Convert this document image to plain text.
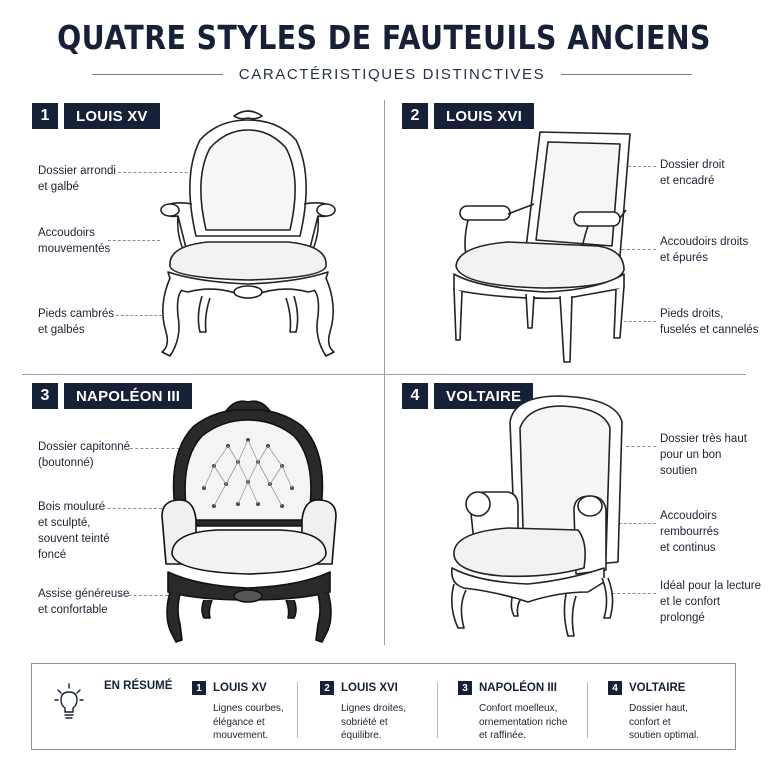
QUATRE STYLES DE FAUTEUILS ANCIENS
CARACTÉRISTIQUES DISTINCTIVES
1	LOUIS XV
Dossier arrondi
et galbé
Accoudoirs
mouvementés
Pieds cambrés
et galbés
2	LOUIS XVI
Dossier droit
et encadré
Accoudoirs droits
et épurés
Pieds droits,
fuselés et cannelés
3	NAPOLÉON III
Dossier capitonné
(boutonné)
Bois mouluré
et sculpté,
souvent teinté
foncé
Assise généreuse
et confortable
4	VOLTAIRE
Dossier très haut
pour un bon
soutien
Accoudoirs
rembourrés
et continus
Idéal pour la lecture
et le confort
prolongé
EN RÉSUMÉ	1 LOUIS XV
Lignes courbes,
élégance et
mouvement.
2 LOUIS XVI
Lignes droites,
sobriété et
équilibre.
3 NAPOLÉON III
Confort moelleux,
ornementation riche
et raffinée.
4 VOLTAIRE
Dossier haut,
confort et
soutien optimal.
